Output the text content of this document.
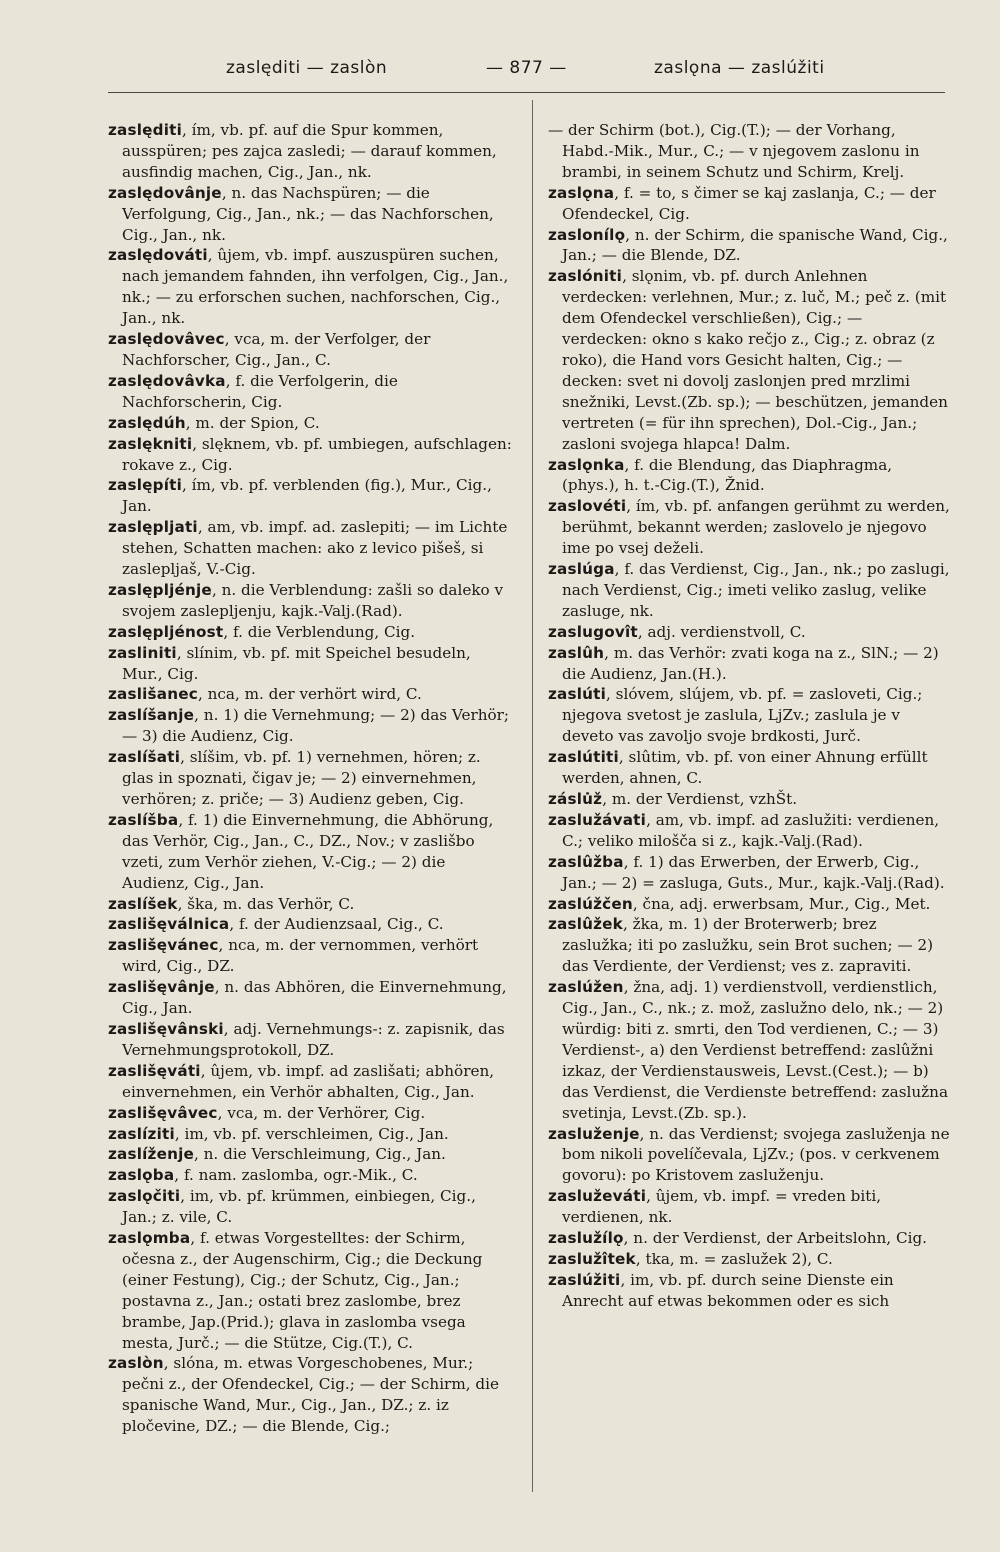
zaslęditi — zaslòn	— 877 —	zaslǫna — zaslúžiti
zaslęditi, ím, vb. pf. auf die Spur kommen, ausspüren; pes zajca zasledi; — darauf kommen, ausfindig machen, Cig., Jan., nk.
zaslędovânje, n. das Nachspüren; — die Verfolgung, Cig., Jan., nk.; — das Nachforschen, Cig., Jan., nk.
zaslędováti, ûjem, vb. impf. auszuspüren suchen, nach jemandem fahnden, ihn verfolgen, Cig., Jan., nk.; — zu erforschen suchen, nachforschen, Cig., Jan., nk.
zaslędovâvec, vca, m. der Verfolger, der Nachforscher, Cig., Jan., C.
zaslędovâvka, f. die Verfolgerin, die Nachforscherin, Cig.
zaslędúh, m. der Spion, C.
zaslękniti, slęknem, vb. pf. umbiegen, aufschlagen: rokave z., Cig.
zaslępíti, ím, vb. pf. verblenden (fig.), Mur., Cig., Jan.
zaslępljati, am, vb. impf. ad. zaslepiti; — im Lichte stehen, Schatten machen: ako z levico pišeš, si zaslepljaš, V.-Cig.
zaslępljénje, n. die Verblendung: zašli so daleko v svojem zaslepljenju, kajk.-Valj.(Rad).
zaslępljénost, f. die Verblendung, Cig.
zasliniti, slínim, vb. pf. mit Speichel besudeln, Mur., Cig.
zaslišanec, nca, m. der verhört wird, C.
zaslíšanje, n. 1) die Vernehmung; — 2) das Verhör; — 3) die Audienz, Cig.
zaslíšati, slíšim, vb. pf. 1) vernehmen, hören; z. glas in spoznati, čigav je; — 2) einvernehmen, verhören; z. priče; — 3) Audienz geben, Cig.
zaslíšba, f. 1) die Einvernehmung, die Abhörung, das Verhör, Cig., Jan., C., DZ., Nov.; v zaslišbo vzeti, zum Verhör ziehen, V.-Cig.; — 2) die Audienz, Cig., Jan.
zaslíšek, ška, m. das Verhör, C.
zaslišęválnica, f. der Audienzsaal, Cig., C.
zaslišęvánec, nca, m. der vernommen, verhört wird, Cig., DZ.
zaslišęvânje, n. das Abhören, die Einvernehmung, Cig., Jan.
zaslišęvânski, adj. Vernehmungs-: z. zapisnik, das Vernehmungsprotokoll, DZ.
zaslišęváti, ûjem, vb. impf. ad zaslišati; abhören, einvernehmen, ein Verhör abhalten, Cig., Jan.
zaslišęvâvec, vca, m. der Verhörer, Cig.
zaslíziti, im, vb. pf. verschleimen, Cig., Jan.
zaslíženje, n. die Verschleimung, Cig., Jan.
zaslǫba, f. nam. zaslomba, ogr.-Mik., C.
zaslǫčiti, im, vb. pf. krümmen, einbiegen, Cig., Jan.; z. vile, C.
zaslǫmba, f. etwas Vorgestelltes: der Schirm, očesna z., der Augenschirm, Cig.; die Deckung (einer Festung), Cig.; der Schutz, Cig., Jan.; postavna z., Jan.; ostati brez zaslombe, brez brambe, Jap.(Prid.); glava in zaslomba vsega mesta, Jurč.; — die Stütze, Cig.(T.), C.
zaslòn, slóna, m. etwas Vorgeschobenes, Mur.; pečni z., der Ofendeckel, Cig.; — der Schirm, die spanische Wand, Mur., Cig., Jan., DZ.; z. iz pločevine, DZ.; — die Blende, Cig.;
— der Schirm (bot.), Cig.(T.); — der Vorhang, Habd.-Mik., Mur., C.; — v njegovem zaslonu in brambi, in seinem Schutz und Schirm, Krelj.
zaslǫna, f. = to, s čimer se kaj zaslanja, C.; — der Ofendeckel, Cig.
zaslonílǫ, n. der Schirm, die spanische Wand, Cig., Jan.; — die Blende, DZ.
zaslóniti, slǫnim, vb. pf. durch Anlehnen verdecken: verlehnen, Mur.; z. luč, M.; peč z. (mit dem Ofendeckel verschließen), Cig.; — verdecken: okno s kako rečjo z., Cig.; z. obraz (z roko), die Hand vors Gesicht halten, Cig.; — decken: svet ni dovolj zaslonjen pred mrzlimi snežniki, Levst.(Zb. sp.); — beschützen, jemanden vertreten (= für ihn sprechen), Dol.-Cig., Jan.; zasloni svojega hlapca! Dalm.
zaslǫnka, f. die Blendung, das Diaphragma, (phys.), h. t.-Cig.(T.), Žnid.
zaslovéti, ím, vb. pf. anfangen gerühmt zu werden, berühmt, bekannt werden; zaslovelo je njegovo ime po vsej deželi.
zaslúga, f. das Verdienst, Cig., Jan., nk.; po zaslugi, nach Verdienst, Cig.; imeti veliko zaslug, velike zasluge, nk.
zaslugovît, adj. verdienstvoll, C.
zaslûh, m. das Verhör: zvati koga na z., SlN.; — 2) die Audienz, Jan.(H.).
zaslúti, slóvem, slújem, vb. pf. = zasloveti, Cig.; njegova svetost je zaslula, LjZv.; zaslula je v deveto vas zavoljo svoje brdkosti, Jurč.
zaslútiti, slûtim, vb. pf. von einer Ahnung erfüllt werden, ahnen, C.
záslu̇ž, m. der Verdienst, vzhŠt.
zaslužávati, am, vb. impf. ad zaslužiti: verdienen, C.; veliko milošča si z., kajk.-Valj.(Rad).
zaslûžba, f. 1) das Erwerben, der Erwerb, Cig., Jan.; — 2) = zasluga, Guts., Mur., kajk.-Valj.(Rad).
zaslúžčen, čna, adj. erwerbsam, Mur., Cig., Met.
zaslûžek, žka, m. 1) der Broterwerb; brez zaslužka; iti po zaslužku, sein Brot suchen; — 2) das Verdiente, der Verdienst; ves z. zapraviti.
zaslúžen, žna, adj. 1) verdienstvoll, verdienstlich, Cig., Jan., C., nk.; z. mož, zaslužno delo, nk.; — 2) würdig: biti z. smrti, den Tod verdienen, C.; — 3) Verdienst-, a) den Verdienst betreffend: zaslûžni izkaz, der Verdienstausweis, Levst.(Cest.); — b) das Verdienst, die Verdienste betreffend: zaslužna svetinja, Levst.(Zb. sp.).
zasluženje, n. das Verdienst; svojega zasluženja ne bom nikoli povelíčevala, LjZv.; (pos. v cerkvenem govoru): po Kristovem zasluženju.
zasluževáti, ûjem, vb. impf. = vreden biti, verdienen, nk.
zaslužílǫ, n. der Verdienst, der Arbeitslohn, Cig.
zaslužîtek, tka, m. = zaslužek 2), C.
zaslúžiti, im, vb. pf. durch seine Dienste ein Anrecht auf etwas bekommen oder es sich
